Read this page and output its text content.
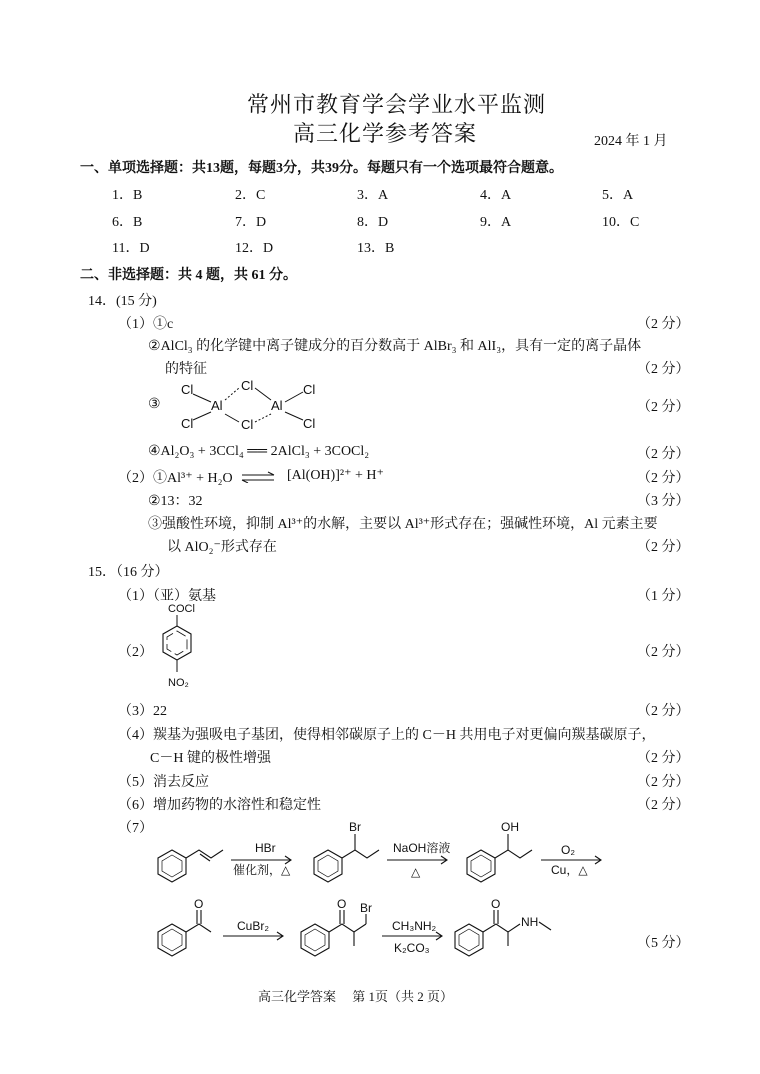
常州市教育学会学业水平监测
高三化学参考答案	2024 年 1 月
一、单项选择题：共13题，每题3分，共39分。每题只有一个选项最符合题意。
1．B	2．C	3．A	4．A	5．A
6．B	7．D	8．D	9．A	10．C
11．D	12．D	13．B
二、非选择题：共 4 题，共 61 分。
14．(15 分)
（1）①c	（2 分）
②AlCl₃ 的化学键中离子键成分的百分数高于 AlBr₃ 和 AlI₃，具有一定的离子晶体
的特征	（2 分）
③
Cl	Cl	Cl
Al	Al
Cl	Cl	Cl
（2 分）
④Al₂O₃ + 3CCl₄ ══ 2AlCl₃ + 3COCl₂	（2 分）
（2）①Al³⁺ + H₂O ⇌ [Al(OH)]²⁺ + H⁺	（2 分）
②13：32	（3 分）
③强酸性环境，抑制 Al³⁺的水解，主要以 Al³⁺形式存在；强碱性环境，Al 元素主要
以 AlO₂⁻形式存在	（2 分）
15．（16 分）
（1）（亚）氨基	（1 分）
（2）
COCl
NO₂
（2 分）
（3）22	（2 分）
（4）羰基为强吸电子基团，使得相邻碳原子上的 C－H 共用电子对更偏向羰基碳原子，
C－H 键的极性增强	（2 分）
（5）消去反应	（2 分）
（6）增加药物的水溶性和稳定性	（2 分）
（7）
HBr
催化剂，△
Br
NaOH溶液
△
OH
O₂
Cu，△
O
CuBr₂
O Br
CH₃NH₂
K₂CO₃
O
NH
（5 分）
高三化学答案　 第 1页（共 2 页）
